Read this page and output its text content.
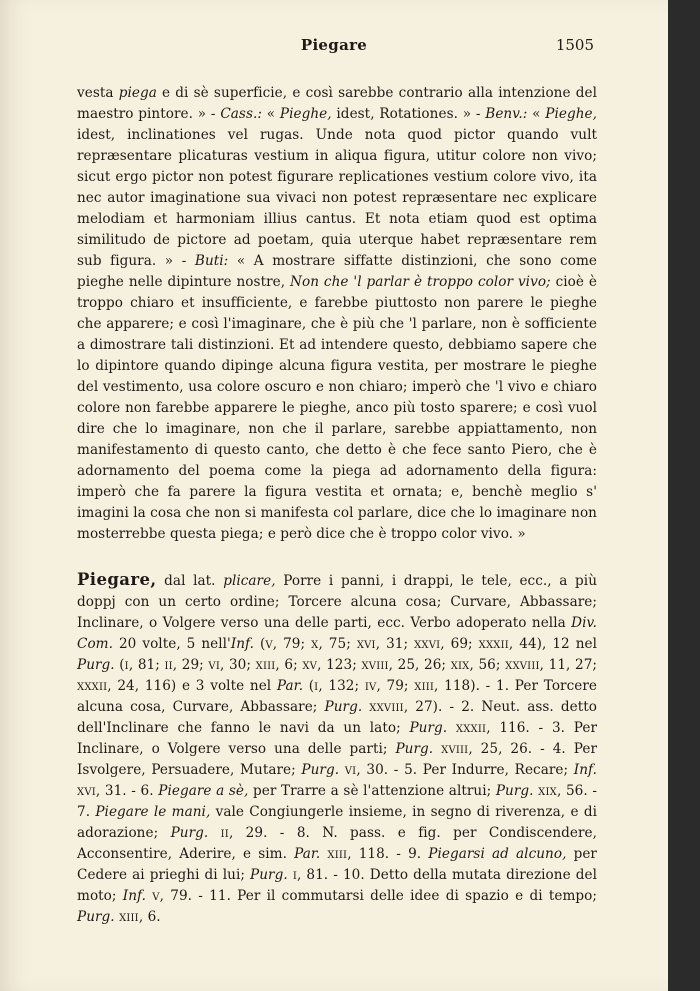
Piegare	1505

vesta piega e di sè superficie, e così sarebbe contrario alla intenzione del maestro pintore. » - Cass.: « Pieghe, idest, Rotationes. » - Benv.: « Pieghe, idest, inclinationes vel rugas. Unde nota quod pictor quando vult repræsentare plicaturas vestium in aliqua figura, utitur colore non vivo; sicut ergo pictor non potest figurare replicationes vestium colore vivo, ita nec autor imaginatione sua vivaci non potest repræsentare nec explicare melodiam et harmoniam illius cantus. Et nota etiam quod est optima similitudo de pictore ad poetam, quia uterque habet repræsentare rem sub figura. » - Buti: « A mostrare siffatte distinzioni, che sono come pieghe nelle dipinture nostre, Non che 'l parlar è troppo color vivo; cioè è troppo chiaro et insufficiente, e farebbe piuttosto non parere le pieghe che apparere; e così l'imaginare, che è più che 'l parlare, non è sofficiente a dimostrare tali distinzioni. Et ad intendere questo, debbiamo sapere che lo dipintore quando dipinge alcuna figura vestita, per mostrare le pieghe del vestimento, usa colore oscuro e non chiaro; imperò che 'l vivo e chiaro colore non farebbe apparere le pieghe, anco più tosto sparere; e così vuol dire che lo imaginare, non che il parlare, sarebbe appiattamento, non manifestamento di questo canto, che detto è che fece santo Piero, che è adornamento del poema come la piega ad adornamento della figura: imperò che fa parere la figura vestita et ornata; e, benchè meglio s' imagini la cosa che non si manifesta col parlare, dice che lo imaginare non mosterrebbe questa piega; e però dice che è troppo color vivo. »

Piegare, dal lat. plicare, Porre i panni, i drappi, le tele, ecc., a più doppj con un certo ordine; Torcere alcuna cosa; Curvare, Abbassare; Inclinare, o Volgere verso una delle parti, ecc. Verbo adoperato nella Div. Com. 20 volte, 5 nell'Inf. (v, 79; x, 75; xvi, 31; xxvi, 69; xxxii, 44), 12 nel Purg. (i, 81; ii, 29; vi, 30; xiii, 6; xv, 123; xviii, 25, 26; xix, 56; xxviii, 11, 27; xxxii, 24, 116) e 3 volte nel Par. (i, 132; iv, 79; xiii, 118). - 1. Per Torcere alcuna cosa, Curvare, Abbassare; Purg. xxviii, 27). - 2. Neut. ass. detto dell'Inclinare che fanno le navi da un lato; Purg. xxxii, 116. - 3. Per Inclinare, o Volgere verso una delle parti; Purg. xviii, 25, 26. - 4. Per Isvolgere, Persuadere, Mutare; Purg. vi, 30. - 5. Per Indurre, Recare; Inf. xvi, 31. - 6. Piegare a sè, per Trarre a sè l'attenzione altrui; Purg. xix, 56. - 7. Piegare le mani, vale Congiungerle insieme, in segno di riverenza, e di adorazione; Purg. ii, 29. - 8. N. pass. e fig. per Condiscendere, Acconsentire, Aderire, e sim. Par. xiii, 118. - 9. Piegarsi ad alcuno, per Cedere ai prieghi di lui; Purg. i, 81. - 10. Detto della mutata direzione del moto; Inf. v, 79. - 11. Per il commutarsi delle idee di spazio e di tempo; Purg. xiii, 6.
